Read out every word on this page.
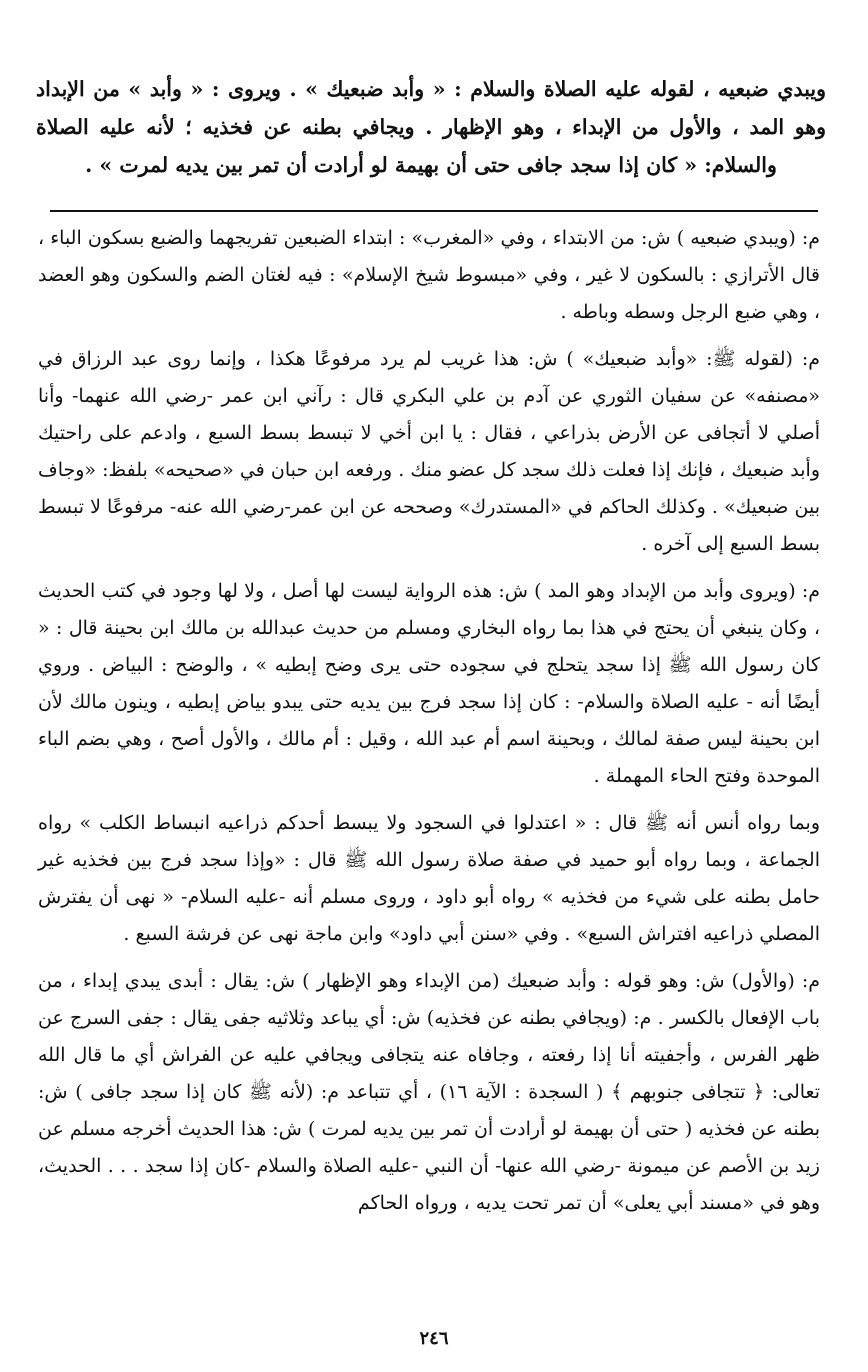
ويبدي ضبعيه ، لقوله عليه الصلاة والسلام : « وأبد ضبعيك » . ويروى : « وأبد » من الإبداد وهو المد ، والأول من الإبداء ، وهو الإظهار . ويجافي بطنه عن فخذيه ؛ لأنه عليه الصلاة والسلام: « كان إذا سجد جافى حتى أن بهيمة لو أرادت أن تمر بين يديه لمرت » .

م: (ويبدي ضبعيه ) ش: من الابتداء ، وفي «المغرب» : ابتداء الضبعين تفريجهما والضبع بسكون الباء ، قال الأترازي : بالسكون لا غير ، وفي «مبسوط شيخ الإسلام» : فيه لغتان الضم والسكون وهو العضد ، وهي ضبع الرجل وسطه وباطه .

م: (لقوله ﷺ: «وأبد ضبعيك» ) ش: هذا غريب لم يرد مرفوعًا هكذا ، وإنما روى عبد الرزاق في «مصنفه» عن سفيان الثوري عن آدم بن علي البكري قال : رآني ابن عمر -رضي الله عنهما- وأنا أصلي لا أتجافى عن الأرض بذراعي ، فقال : يا ابن أخي لا تبسط بسط السبع ، وادعم على راحتيك وأبد ضبعيك ، فإنك إذا فعلت ذلك سجد كل عضو منك . ورفعه ابن حبان في «صحيحه» بلفظ: «وجاف بين ضبعيك» . وكذلك الحاكم في «المستدرك» وصححه عن ابن عمر-رضي الله عنه- مرفوعًا لا تبسط بسط السبع إلى آخره .

م: (ويروى وأبد من الإبداد وهو المد ) ش: هذه الرواية ليست لها أصل ، ولا لها وجود في كتب الحديث ، وكان ينبغي أن يحتج في هذا بما رواه البخاري ومسلم من حديث عبدالله بن مالك ابن بحينة قال : « كان رسول الله ﷺ إذا سجد يتحلج في سجوده حتى يرى وضح إبطيه » ، والوضح : البياض . وروي أيضًا أنه - عليه الصلاة والسلام- : كان إذا سجد فرج بين يديه حتى يبدو بياض إبطيه ، وينون مالك لأن ابن بحينة ليس صفة لمالك ، وبحينة اسم أم عبد الله ، وقيل : أم مالك ، والأول أصح ، وهي بضم الباء الموحدة وفتح الحاء المهملة .

وبما رواه أنس أنه ﷺ قال : « اعتدلوا في السجود ولا يبسط أحدكم ذراعيه انبساط الكلب » رواه الجماعة ، وبما رواه أبو حميد في صفة صلاة رسول الله ﷺ قال : «وإذا سجد فرج بين فخذيه غير حامل بطنه على شيء من فخذيه » رواه أبو داود ، وروى مسلم أنه -عليه السلام- « نهى أن يفترش المصلي ذراعيه افتراش السبع» . وفي «سنن أبي داود» وابن ماجة نهى عن فرشة السبع .

م: (والأول) ش: وهو قوله : وأبد ضبعيك (من الإبداء وهو الإظهار ) ش: يقال : أبدى يبدي إبداء ، من باب الإفعال بالكسر . م: (ويجافي بطنه عن فخذيه) ش: أي يباعد وثلاثيه جفى يقال : جفى السرج عن ظهر الفرس ، وأجفيته أنا إذا رفعته ، وجافاه عنه يتجافى ويجافي عليه عن الفراش أي ما قال الله تعالى: ﴿ تتجافى جنوبهم ﴾ ( السجدة : الآية ١٦) ، أي تتباعد م: (لأنه ﷺ كان إذا سجد جافى ) ش: بطنه عن فخذيه ( حتى أن بهيمة لو أرادت أن تمر بين يديه لمرت ) ش: هذا الحديث أخرجه مسلم عن زيد بن الأصم عن ميمونة -رضي الله عنها- أن النبي -عليه الصلاة والسلام -كان إذا سجد . . . الحديث، وهو في «مسند أبي يعلى» أن تمر تحت يديه ، ورواه الحاكم

٢٤٦
